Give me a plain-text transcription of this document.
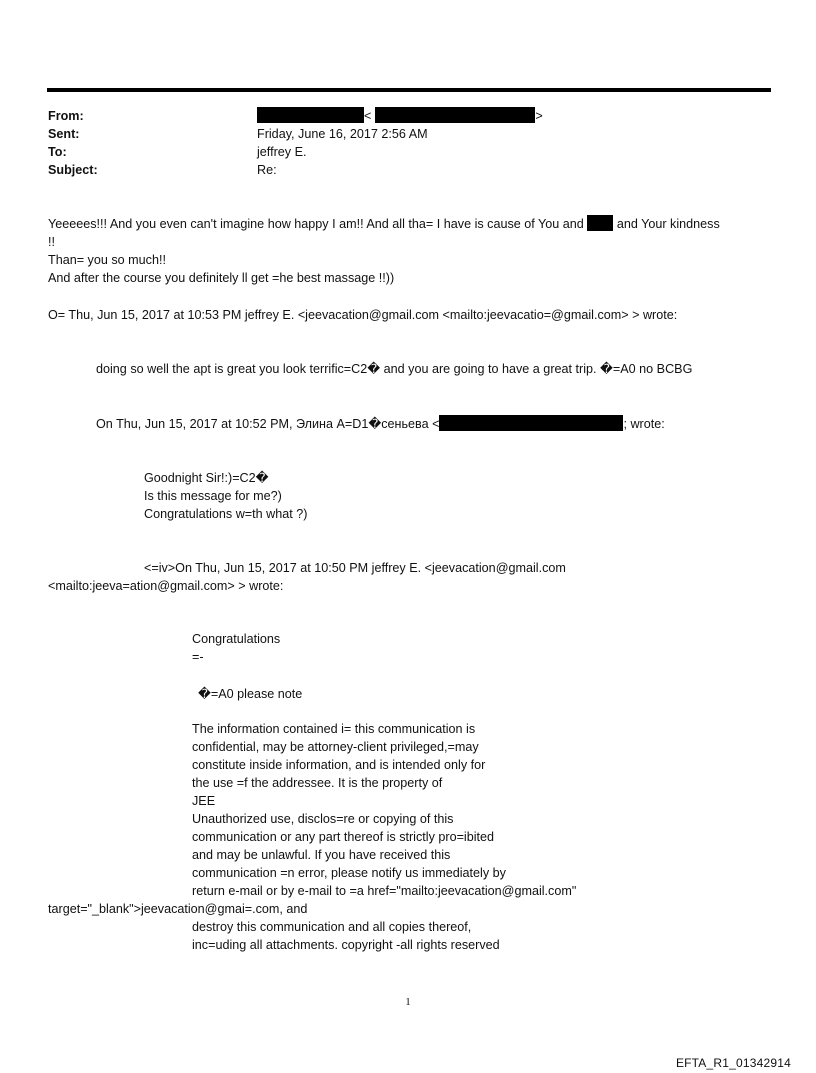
From:	<	>
Sent:	Friday, June 16, 2017 2:56 AM
To:	jeffrey E.
Subject:	Re:
Yeeeees!!! And you even can't imagine how happy I am!! And all tha= I have is cause of You and	and Your kindness
!!
Than= you so much!!
And after the course you definitely ll get =he best massage !!))
O= Thu, Jun 15, 2017 at 10:53 PM jeffrey E. <jeevacation@gmail.com <mailto:jeevacatio=@gmail.com> > wrote:
doing so well the apt is great you look terrific=C2� and you are going to have a great trip. �=A0 no BCBG
On Thu, Jun 15, 2017 at 10:52 PM, Элина A=D1�сеньева <	; wrote:
Goodnight Sir!:)=C2�
Is this message for me?)
Congratulations w=th what ?)
<=iv>On Thu, Jun 15, 2017 at 10:50 PM jeffrey E. <jeevacation@gmail.com
<mailto:jeeva=ation@gmail.com> > wrote:
Congratulations
=-
�=A0 please note
The information contained i= this communication is
confidential, may be attorney-client privileged,=may
constitute inside information, and is intended only for
the use =f the addressee. It is the property of
JEE
Unauthorized use, disclos=re or copying of this
communication or any part thereof is strictly pro=ibited
and may be unlawful. If you have received this
communication =n error, please notify us immediately by
return e-mail or by e-mail to =a href="mailto:jeevacation@gmail.com"
target="_blank">jeevacation@gmai=.com, and
destroy this communication and all copies thereof,
inc=uding all attachments. copyright -all rights reserved
1
EFTA_R1_01342914
